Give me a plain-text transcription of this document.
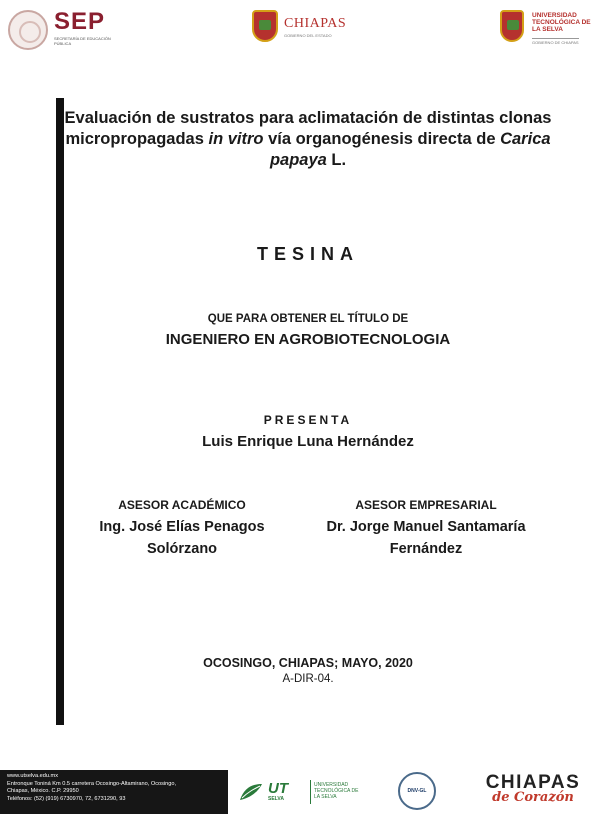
SEP
SECRETARÍA DE EDUCACIÓN PÚBLICA
CHIAPAS
GOBIERNO DEL ESTADO
UNIVERSIDAD TECNOLÓGICA DE LA SELVA
GOBIERNO DE CHIAPAS
Evaluación de sustratos para aclimatación de distintas clonas micropropagadas in vitro vía organogénesis directa de Carica papaya L.
TESINA
QUE PARA OBTENER EL TÍTULO DE
INGENIERO EN AGROBIOTECNOLOGIA
PRESENTA
Luis Enrique Luna Hernández
ASESOR ACADÉMICO
Ing. José Elías Penagos
Solórzano
ASESOR EMPRESARIAL
Dr. Jorge Manuel Santamaría
Fernández
OCOSINGO, CHIAPAS; MAYO, 2020
A-DIR-04.
www.utselva.edu.mx
Entronque Toniná Km 0.5 carretera Ocosingo-Altamirano, Ocosingo,
Chiapas, México. C.P. 29950
Teléfonos: (52) (919) 6730970, 72, 6731290, 93
UT
SELVA
UNIVERSIDAD TECNOLÓGICA DE LA SELVA
DNV-GL	CHIAPAS
de Corazón
